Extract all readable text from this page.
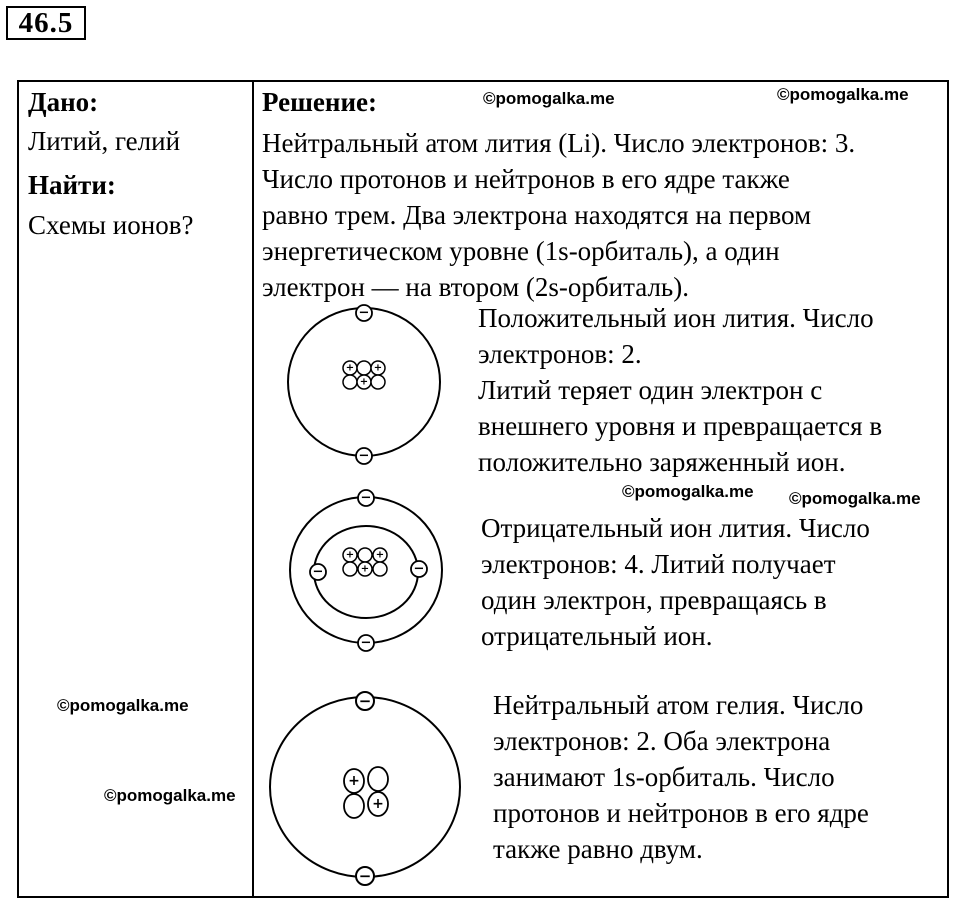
46.5
Дано:
Литий, гелий
Найти:
Схемы ионов?
Решение:	©pomogalka.me	©pomogalka.me
©pomogalka.me ©pomogalka.me
©pomogalka.me
©pomogalka.me
Нейтральный атом лития (Li). Число электронов: 3.
Число протонов и нейтронов в его ядре также
равно трем. Два электрона находятся на первом
энергетическом уровне (1s-орбиталь), а один
электрон — на втором (2s-орбиталь).
Положительный ион лития. Число
электронов: 2.
Литий теряет один электрон с
внешнего уровня и превращается в
положительно заряженный ион.
Отрицательный ион лития. Число
электронов: 4. Литий получает
один электрон, превращаясь в
отрицательный ион.
Нейтральный атом гелия. Число
электронов: 2. Оба электрона
занимают 1s-орбиталь. Число
протонов и нейтронов в его ядре
также равно двум.
+ +
+
−
−
+ +
+
−
−
−	−
+
+
−
−
